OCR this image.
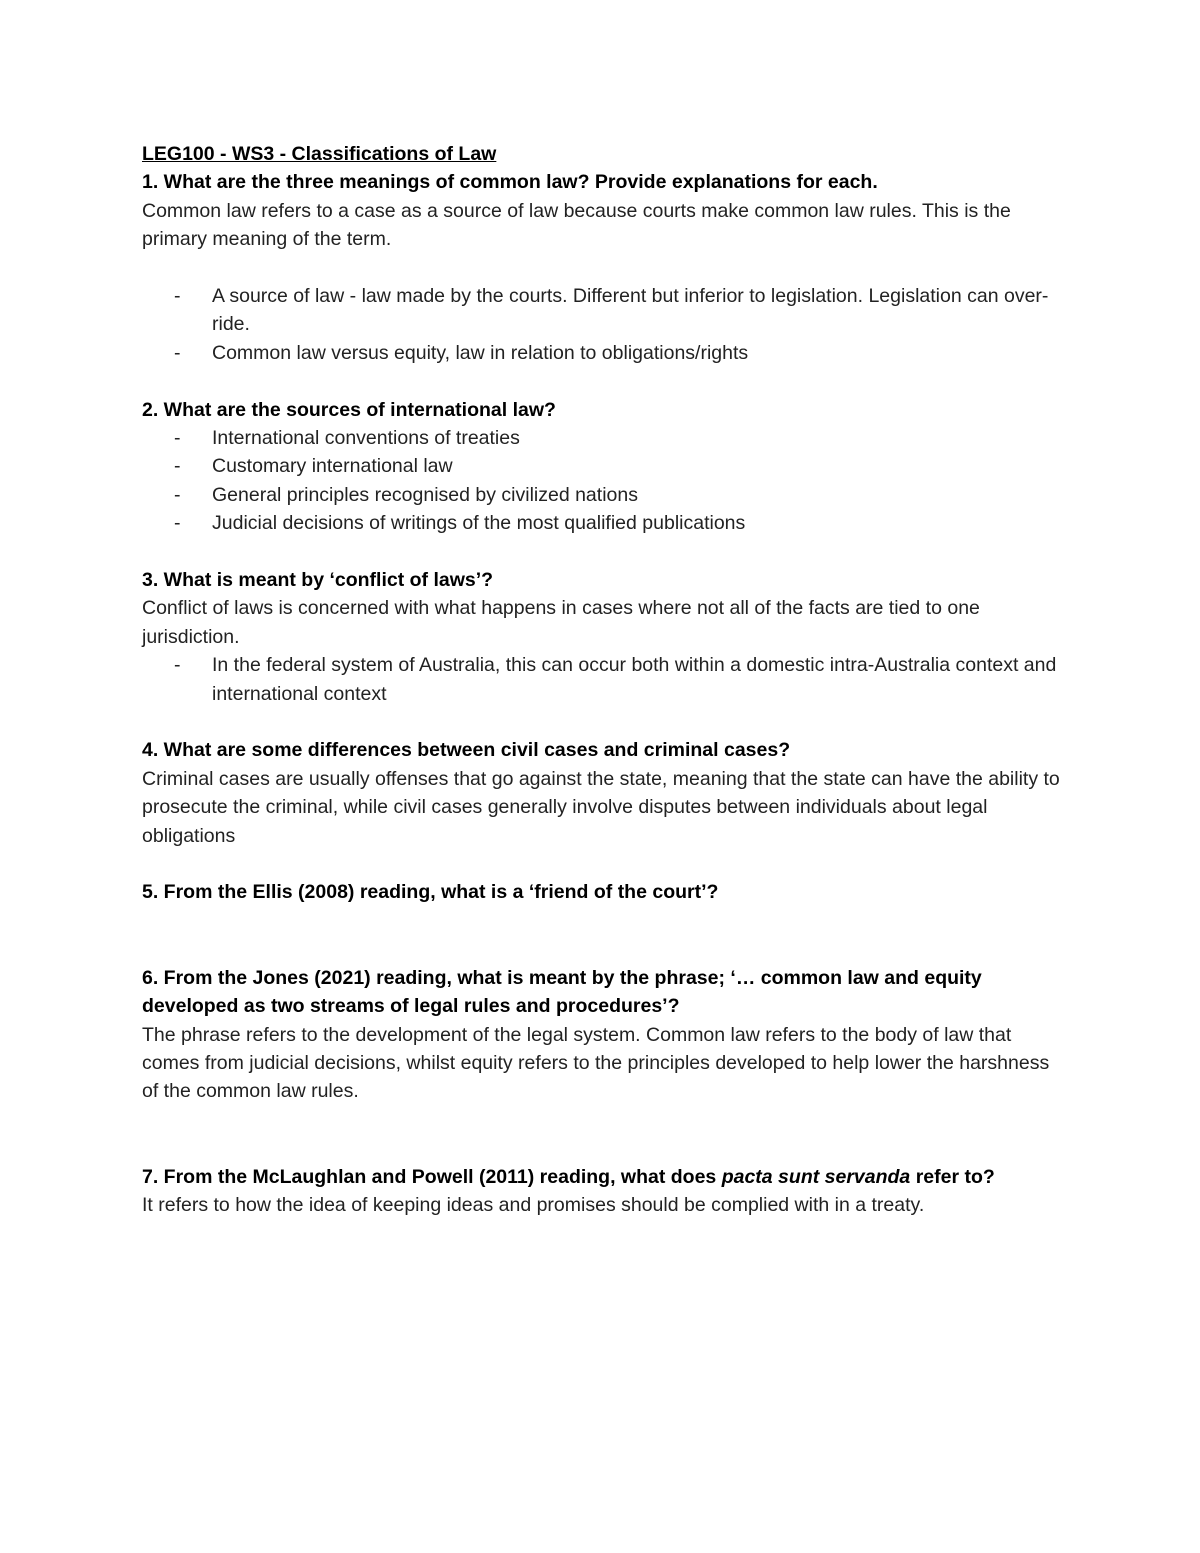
LEG100 - WS3 - Classifications of Law

1. What are the three meanings of common law? Provide explanations for each.

Common law refers to a case as a source of law because courts make common law rules. This is the primary meaning of the term.

- A source of law - law made by the courts. Different but inferior to legislation. Legislation can over-ride.
- Common law versus equity, law in relation to obligations/rights

2. What are the sources of international law?

- International conventions of treaties
- Customary international law
- General principles recognised by civilized nations
- Judicial decisions of writings of the most qualified publications

3. What is meant by ‘conflict of laws’?

Conflict of laws is concerned with what happens in cases where not all of the facts are tied to one jurisdiction.

- In the federal system of Australia, this can occur both within a domestic intra-Australia context and international context

4. What are some differences between civil cases and criminal cases?

Criminal cases are usually offenses that go against the state, meaning that the state can have the ability to prosecute the criminal, while civil cases generally involve disputes between individuals about legal obligations

5. From the Ellis (2008) reading, what is a ‘friend of the court’?

6. From the Jones (2021) reading, what is meant by the phrase; ‘… common law and equity developed as two streams of legal rules and procedures’?

The phrase refers to the development of the legal system. Common law refers to the body of law that comes from judicial decisions, whilst equity refers to the principles developed to help lower the harshness of the common law rules.

7. From the McLaughlan and Powell (2011) reading, what does pacta sunt servanda refer to?

It refers to how the idea of keeping ideas and promises should be complied with in a treaty.
